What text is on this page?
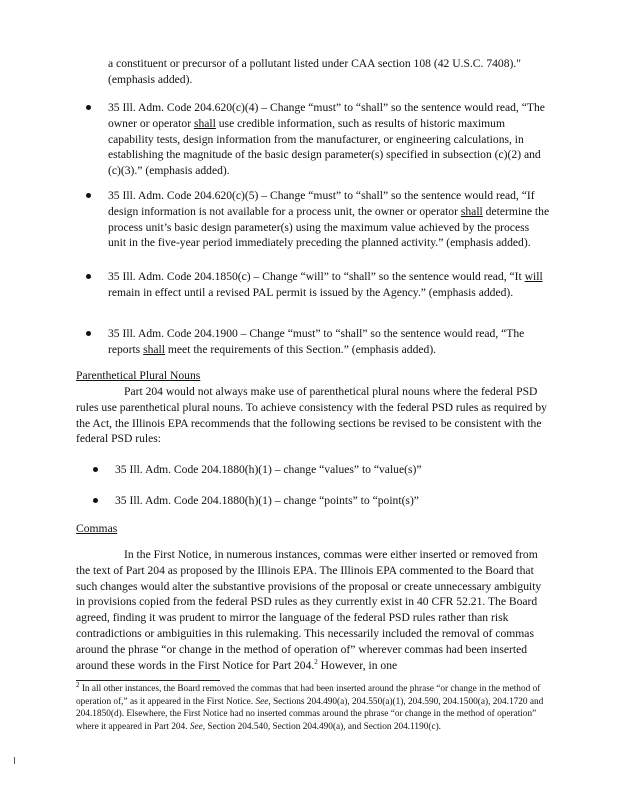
a constituent or precursor of a pollutant listed under CAA section 108 (42 U.S.C. 7408)."
(emphasis added).

35 Ill. Adm. Code 204.620(c)(4) – Change “must” to “shall” so the sentence would read, “The owner or operator shall use credible information, such as results of historic maximum capability tests, design information from the manufacturer, or engineering calculations, in establishing the magnitude of the basic design parameter(s) specified in subsection (c)(2) and (c)(3).” (emphasis added).
35 Ill. Adm. Code 204.620(c)(5) – Change “must” to “shall” so the sentence would read, “If design information is not available for a process unit, the owner or operator shall determine the process unit’s basic design parameter(s) using the maximum value achieved by the process unit in the five-year period immediately preceding the planned activity.” (emphasis added).
35 Ill. Adm. Code 204.1850(c) – Change “will” to “shall” so the sentence would read, “It will remain in effect until a revised PAL permit is issued by the Agency.” (emphasis added).
35 Ill. Adm. Code 204.1900 – Change “must” to “shall” so the sentence would read, “The reports shall meet the requirements of this Section.” (emphasis added).
Parenthetical Plural Nouns

Part 204 would not always make use of parenthetical plural nouns where the federal PSD rules use parenthetical plural nouns. To achieve consistency with the federal PSD rules as required by the Act, the Illinois EPA recommends that the following sections be revised to be consistent with the federal PSD rules:

35 Ill. Adm. Code 204.1880(h)(1) – change “values” to “value(s)”
35 Ill. Adm. Code 204.1880(h)(1) – change “points” to “point(s)”
Commas

In the First Notice, in numerous instances, commas were either inserted or removed from the text of Part 204 as proposed by the Illinois EPA. The Illinois EPA commented to the Board that such changes would alter the substantive provisions of the proposal or create unnecessary ambiguity in provisions copied from the federal PSD rules as they currently exist in 40 CFR 52.21. The Board agreed, finding it was prudent to mirror the language of the federal PSD rules rather than risk contradictions or ambiguities in this rulemaking. This necessarily included the removal of commas around the phrase “or change in the method of operation of” wherever commas had been inserted around these words in the First Notice for Part 204.$^2$ However, in one

$^2$ In all other instances, the Board removed the commas that had been inserted around the phrase “or change in the method of operation of,” as it appeared in the First Notice. See, Sections 204.490(a), 204.550(a)(1), 204.590, 204.1500(a), 204.1720 and 204.1850(d). Elsewhere, the First Notice had no inserted commas around the phrase “or change in the method of operation” where it appeared in Part 204. See, Section 204.540, Section 204.490(a), and Section 204.1190(c).
